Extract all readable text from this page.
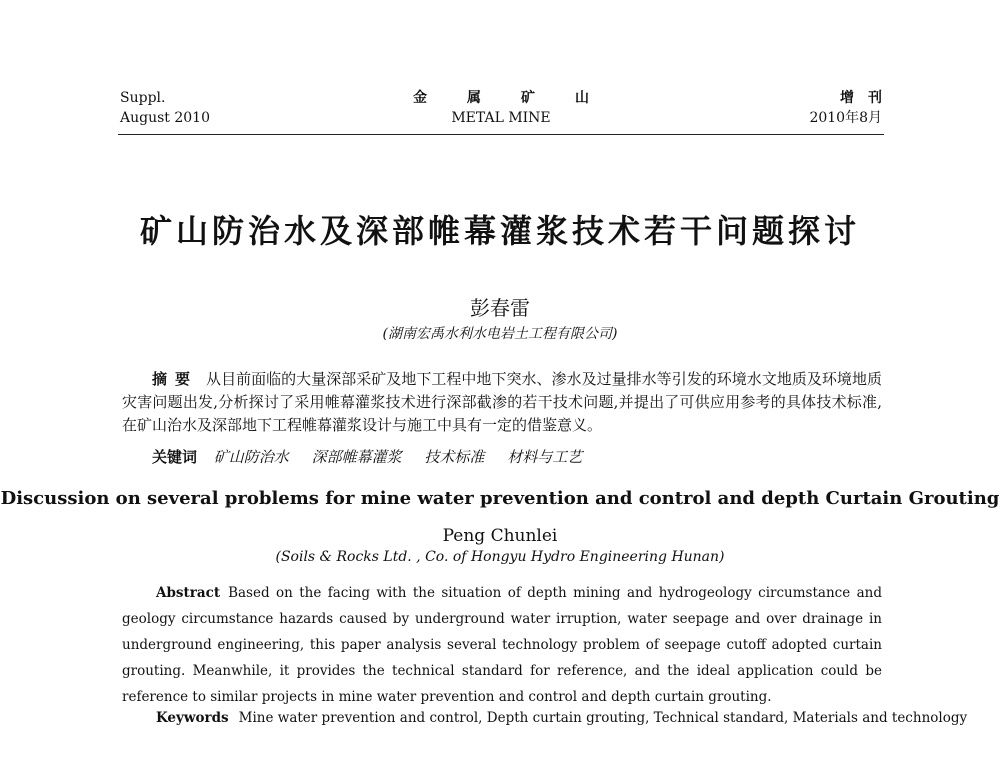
Suppl.
August 2010
金属矿山
METAL MINE
增刊
2010年8月
矿山防治水及深部帷幕灌浆技术若干问题探讨
彭春雷
(湖南宏禹水利水电岩土工程有限公司)
摘要 从目前面临的大量深部采矿及地下工程中地下突水、渗水及过量排水等引发的环境水文地质及环境地质灾害问题出发,分析探讨了采用帷幕灌浆技术进行深部截渗的若干技术问题,并提出了可供应用参考的具体技术标准,在矿山治水及深部地下工程帷幕灌浆设计与施工中具有一定的借鉴意义。
关键词 矿山防治水 深部帷幕灌浆 技术标准 材料与工艺
Discussion on several problems for mine water prevention and control and depth Curtain Grouting
Peng Chunlei
(Soils & Rocks Ltd. , Co. of Hongyu Hydro Engineering Hunan)
Abstract Based on the facing with the situation of depth mining and hydrogeology circumstance and geology circumstance hazards caused by underground water irruption, water seepage and over drainage in underground engineering, this paper analysis several technology problem of seepage cutoff adopted curtain grouting. Meanwhile, it provides the technical standard for reference, and the ideal application could be reference to similar projects in mine water prevention and control and depth curtain grouting.
Keywords Mine water prevention and control, Depth curtain grouting, Technical standard, Materials and technology
